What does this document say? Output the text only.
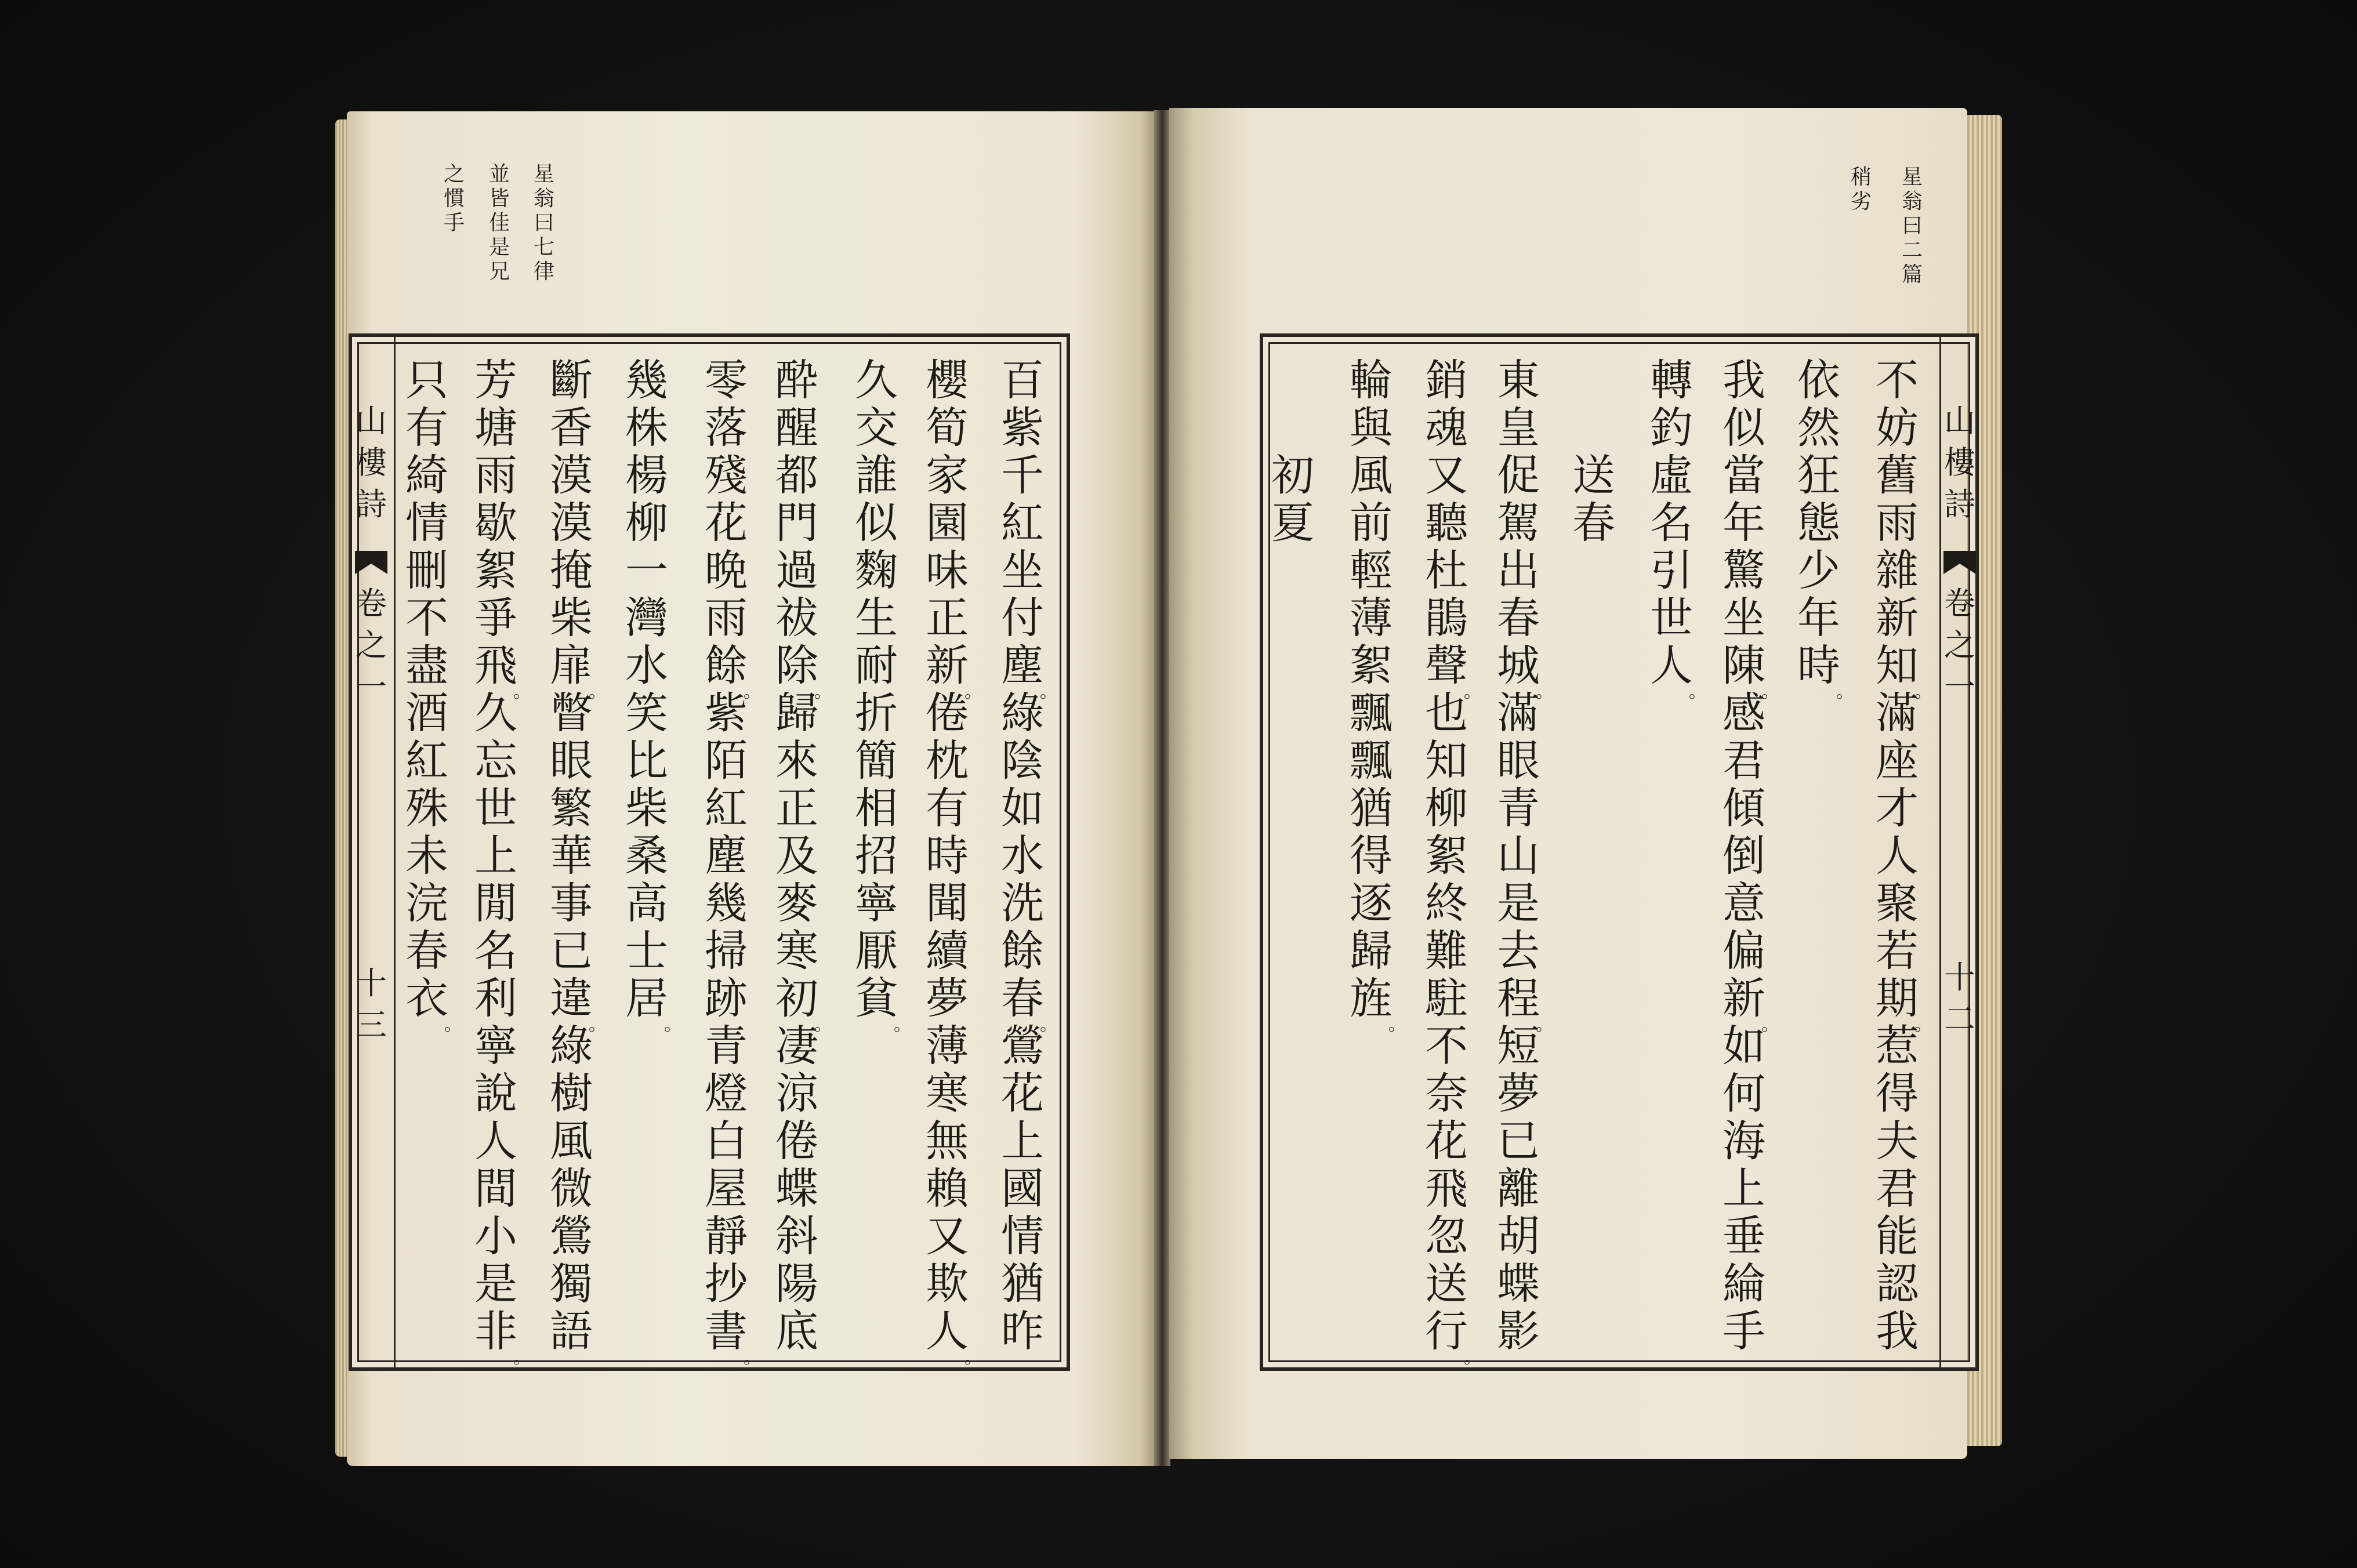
星
翁
曰
七
律
並
皆
佳
是
兄
之
慣
手
山
樓
詩
卷
之
一
十
三
百
紫
千
紅
坐
付
塵
。
綠
陰
如
水
洗
餘
春
。
鶯
花
上
國
情
猶
昨
櫻
筍
家
園
味
正
新
。
倦
枕
有
時
聞
續
夢
薄
寒
無
賴
又
欺
人
。
久
交
誰
似
麴
生
耐
折
簡
相
招
寧
厭
貧
。
酔
醒
都
門
過
祓
除
。
歸
來
正
及
麥
寒
初
。
凄
涼
倦
蝶
斜
陽
底
零
落
殘
花
晩
雨
餘
。
紫
陌
紅
塵
幾
掃
跡
青
燈
白
屋
靜
抄
書
。
幾
株
楊
柳
一
灣
水
笑
比
柴
桑
高
士
居
。
斷
香
漠
漠
掩
柴
扉
。
瞥
眼
繁
華
事
已
違
。
綠
樹
風
微
鶯
獨
語
芳
塘
雨
歇
絮
爭
飛
。
久
忘
世
上
閒
名
利
寧
說
人
間
小
是
非
。
只
有
綺
情
刪
不
盡
酒
紅
殊
未
浣
春
衣
。
星
翁
曰
二
篇
稍
劣
山
樓
詩
卷
之
一
十
二
不
妨
舊
雨
雜
新
知
。
滿
座
才
人
聚
若
期
。
惹
得
夫
君
能
認
我
依
然
狂
態
少
年
時
。
我
似
當
年
驚
坐
陳
。
感
君
傾
倒
意
偏
新
。
如
何
海
上
垂
綸
手
轉
釣
虛
名
引
世
人
。
送
春
東
皇
促
駕
出
春
城
。
滿
眼
青
山
是
去
程
。
短
夢
已
離
胡
蝶
影
銷
魂
又
聽
杜
鵑
聲
。
也
知
柳
絮
終
難
駐
不
奈
花
飛
忽
送
行
。
輪
與
風
前
輕
薄
絮
飄
飄
猶
得
逐
歸
旌
。
初
夏
